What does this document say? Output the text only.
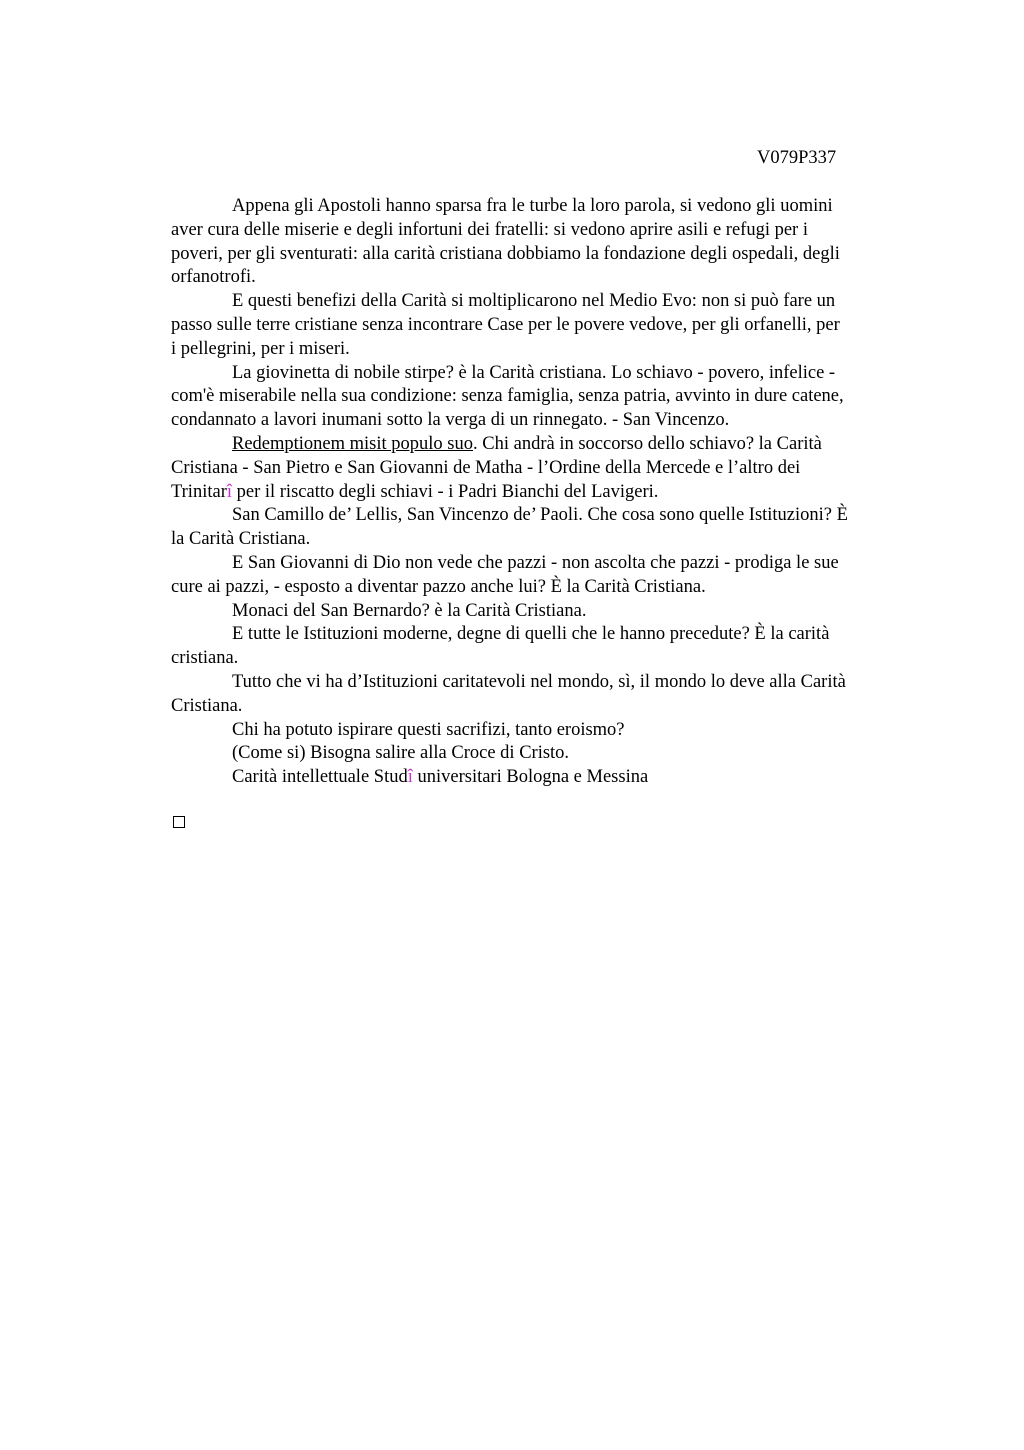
V079P337

Appena gli Apostoli hanno sparsa fra le turbe la loro parola, si vedono gli uomini
aver cura delle miserie e degli infortuni dei fratelli: si vedono aprire asili e refugi per i
poveri, per gli sventurati: alla carità cristiana dobbiamo la fondazione degli ospedali, degli
orfanotrofi.

E questi benefizi della Carità si moltiplicarono nel Medio Evo: non si può fare un
passo sulle terre cristiane senza incontrare Case per le povere vedove, per gli orfanelli, per
i pellegrini, per i miseri.

La giovinetta di nobile stirpe? è la Carità cristiana. Lo schiavo - povero, infelice -
com'è miserabile nella sua condizione: senza famiglia, senza patria, avvinto in dure catene,
condannato a lavori inumani sotto la verga di un rinnegato. - San Vincenzo.

Redemptionem misit populo suo. Chi andrà in soccorso dello schiavo? la Carità
Cristiana - San Pietro e San Giovanni de Matha - l’Ordine della Mercede e l’altro dei
Trinitarî per il riscatto degli schiavi - i Padri Bianchi del Lavigeri.

San Camillo de’ Lellis, San Vincenzo de’ Paoli. Che cosa sono quelle Istituzioni? È
la Carità Cristiana.

E San Giovanni di Dio non vede che pazzi - non ascolta che pazzi - prodiga le sue
cure ai pazzi, - esposto a diventar pazzo anche lui? È la Carità Cristiana.

Monaci del San Bernardo? è la Carità Cristiana.

E tutte le Istituzioni moderne, degne di quelli che le hanno precedute? È la carità
cristiana.

Tutto che vi ha d’Istituzioni caritatevoli nel mondo, sì, il mondo lo deve alla Carità
Cristiana.

Chi ha potuto ispirare questi sacrifizi, tanto eroismo?

(Come si) Bisogna salire alla Croce di Cristo.

Carità intellettuale Studî universitari Bologna e Messina
